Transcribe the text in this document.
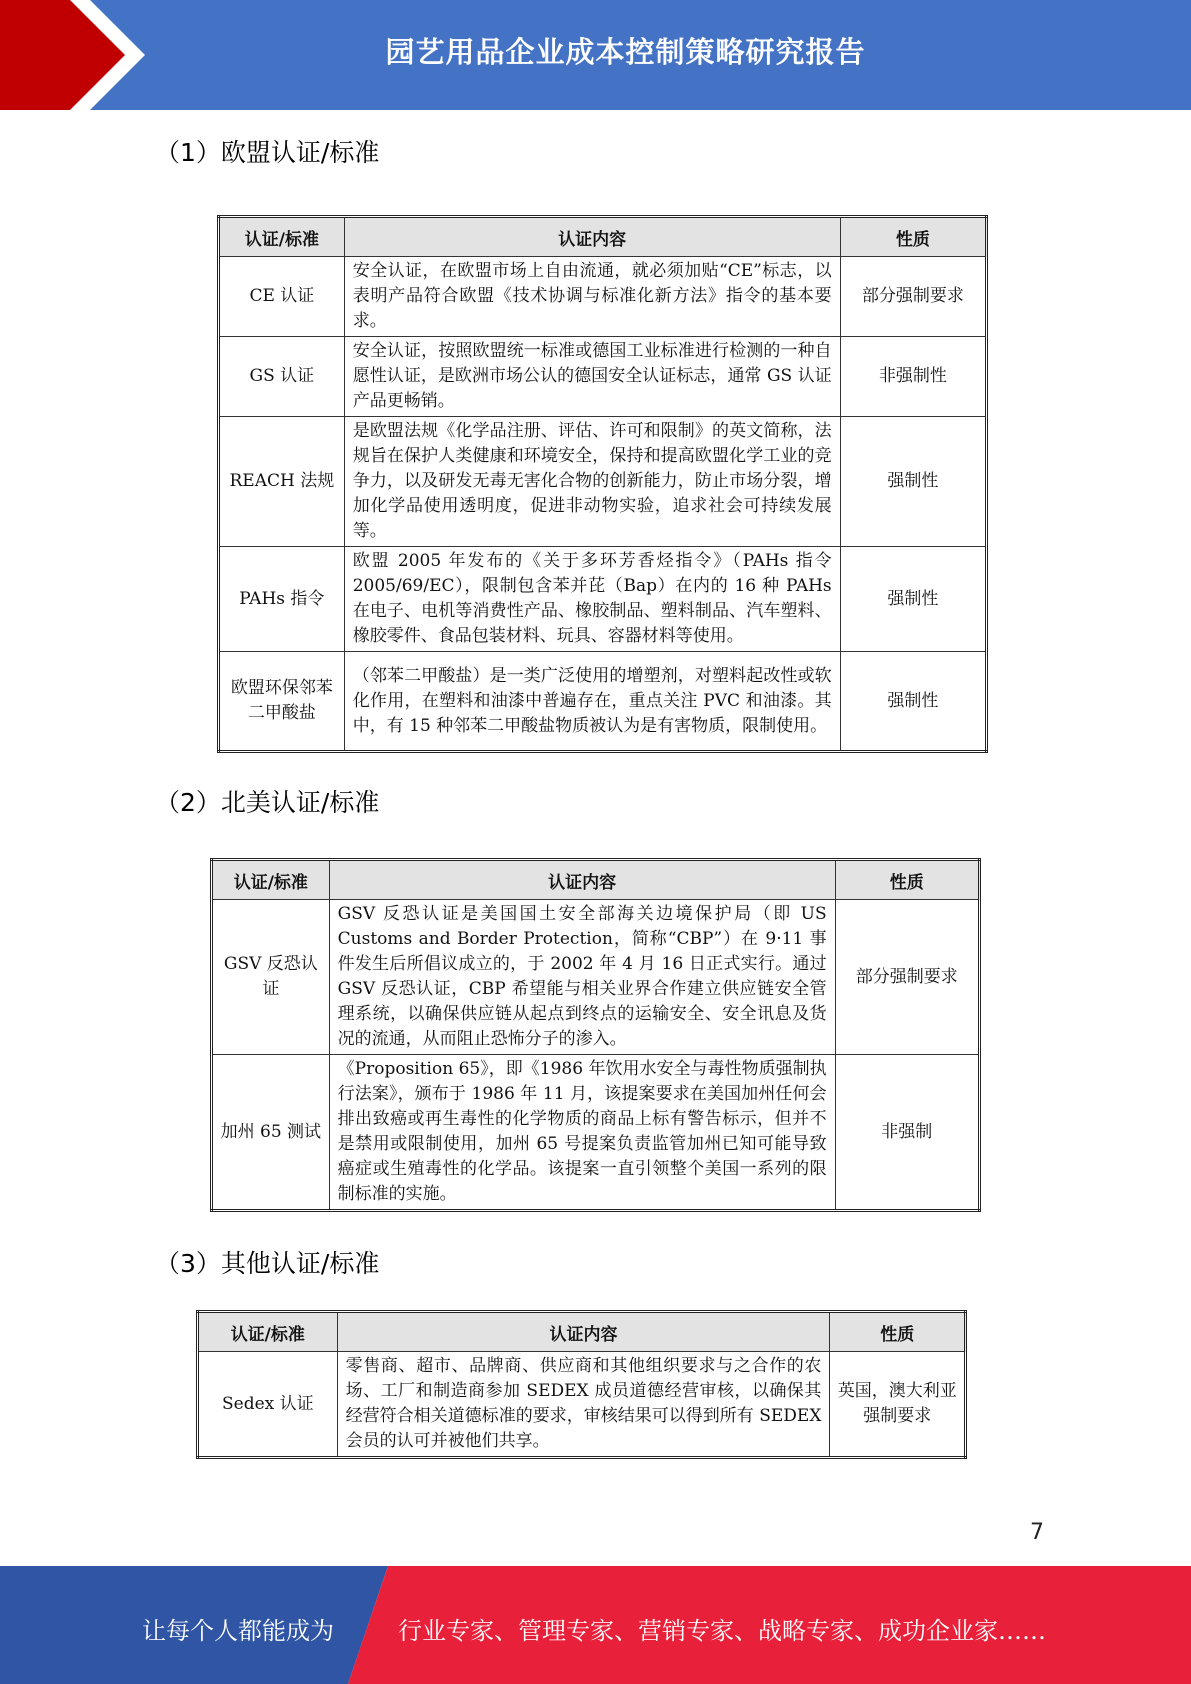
园艺用品企业成本控制策略研究报告
（1）欧盟认证/标准
认证/标准	认证内容	性质
CE 认证	安全认证，在欧盟市场上自由流通，就必须加贴“CE”标志，以表明产品符合欧盟《技术协调与标准化新方法》指令的基本要求。	部分强制要求
GS 认证	安全认证，按照欧盟统一标准或德国工业标准进行检测的一种自愿性认证，是欧洲市场公认的德国安全认证标志，通常 GS 认证产品更畅销。	非强制性
REACH 法规	是欧盟法规《化学品注册、评估、许可和限制》的英文简称，法规旨在保护人类健康和环境安全，保持和提高欧盟化学工业的竞争力，以及研发无毒无害化合物的创新能力，防止市场分裂，增加化学品使用透明度，促进非动物实验，追求社会可持续发展等。	强制性
PAHs 指令	欧盟 2005 年发布的《关于多环芳香烃指令》（PAHs 指令 2005/69/EC），限制包含苯并芘（Bap）在内的 16 种 PAHs 在电子、电机等消费性产品、橡胶制品、塑料制品、汽车塑料、橡胶零件、食品包装材料、玩具、容器材料等使用。	强制性
欧盟环保邻苯二甲酸盐	（邻苯二甲酸盐）是一类广泛使用的增塑剂，对塑料起改性或软化作用，在塑料和油漆中普遍存在，重点关注 PVC 和油漆。其中，有 15 种邻苯二甲酸盐物质被认为是有害物质，限制使用。	强制性
（2）北美认证/标准
认证/标准	认证内容	性质
GSV 反恐认证	GSV 反恐认证是美国国土安全部海关边境保护局（即 US Customs and Border Protection，简称“CBP”）在 9·11 事件发生后所倡议成立的，于 2002 年 4 月 16 日正式实行。通过 GSV 反恐认证，CBP 希望能与相关业界合作建立供应链安全管理系统，以确保供应链从起点到终点的运输安全、安全讯息及货况的流通，从而阻止恐怖分子的渗入。	部分强制要求
加州 65 测试	《Proposition 65》，即《1986 年饮用水安全与毒性物质强制执行法案》，颁布于 1986 年 11 月，该提案要求在美国加州任何会排出致癌或再生毒性的化学物质的商品上标有警告标示，但并不是禁用或限制使用，加州 65 号提案负责监管加州已知可能导致癌症或生殖毒性的化学品。该提案一直引领整个美国一系列的限制标准的实施。	非强制
（3）其他认证/标准
认证/标准	认证内容	性质
Sedex 认证	零售商、超市、品牌商、供应商和其他组织要求与之合作的农场、工厂和制造商参加 SEDEX 成员道德经营审核，以确保其经营符合相关道德标准的要求，审核结果可以得到所有 SEDEX 会员的认可并被他们共享。	英国，澳大利亚强制要求
7
让每个人都能成为	行业专家、管理专家、营销专家、战略专家、成功企业家……
